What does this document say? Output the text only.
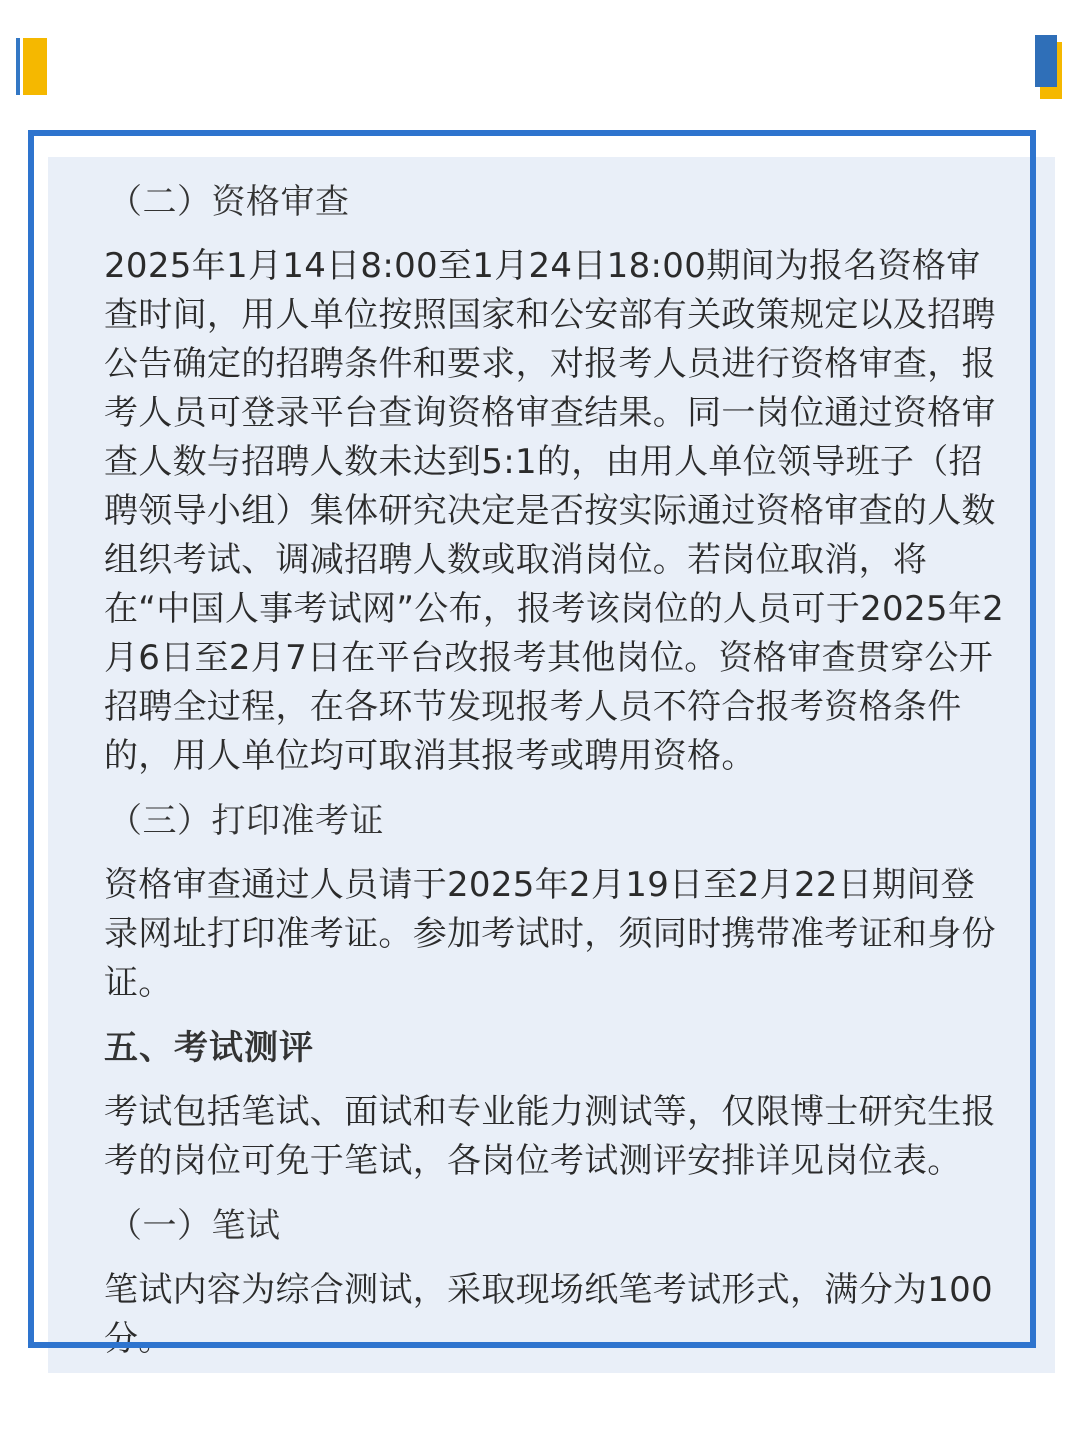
（二）资格审查
2025年1月14日8:00至1月24日18:00期间为报名资格审查时间，用人单位按照国家和公安部有关政策规定以及招聘公告确定的招聘条件和要求，对报考人员进行资格审查，报考人员可登录平台查询资格审查结果。同一岗位通过资格审查人数与招聘人数未达到5:1的，由用人单位领导班子（招聘领导小组）集体研究决定是否按实际通过资格审查的人数组织考试、调减招聘人数或取消岗位。若岗位取消，将在“中国人事考试网”公布，报考该岗位的人员可于2025年2月6日至2月7日在平台改报考其他岗位。资格审查贯穿公开招聘全过程，在各环节发现报考人员不符合报考资格条件的，用人单位均可取消其报考或聘用资格。
（三）打印准考证
资格审查通过人员请于2025年2月19日至2月22日期间登录网址打印准考证。参加考试时，须同时携带准考证和身份证。
五、考试测评
考试包括笔试、面试和专业能力测试等，仅限博士研究生报考的岗位可免于笔试，各岗位考试测评安排详见岗位表。
（一）笔试
笔试内容为综合测试，采取现场纸笔考试形式，满分为100分。
